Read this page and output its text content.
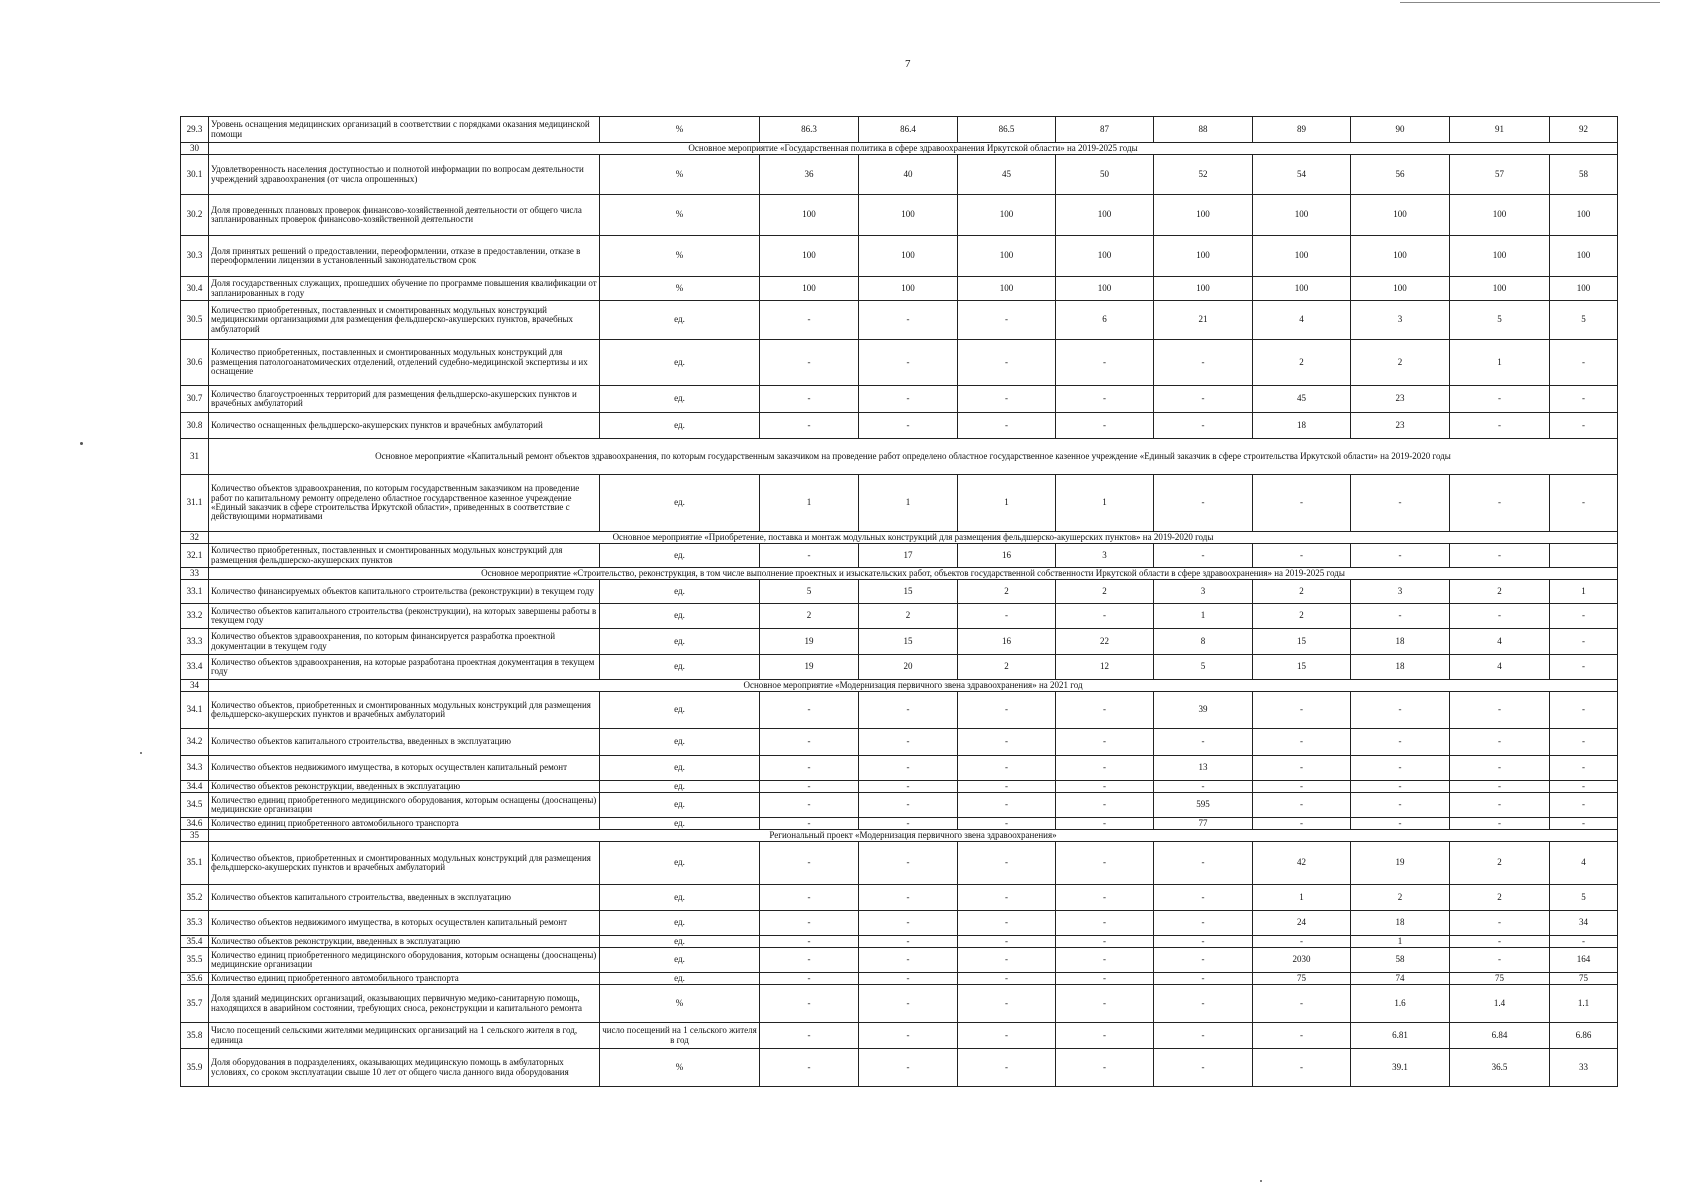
7
29.3	Уровень оснащения медицинских организаций в соответствии с порядками оказания медицинской помощи	%	86.3	86.4	86.5	87	88	89	90	91	92
30	Основное мероприятие «Государственная политика в сфере здравоохранения Иркутской области» на 2019-2025 годы										
30.1	Удовлетворенность населения доступностью и полнотой информации по вопросам деятельности учреждений здравоохранения (от числа опрошенных)	%	36	40	45	50	52	54	56	57	58
30.2	Доля проведенных плановых проверок финансово-хозяйственной деятельности от общего числа запланированных проверок финансово-хозяйственной деятельности	%	100	100	100	100	100	100	100	100	100
30.3	Доля принятых решений о предоставлении, переоформлении, отказе в предоставлении, отказе в переоформлении лицензии в установленный законодательством срок	%	100	100	100	100	100	100	100	100	100
30.4	Доля государственных служащих, прошедших обучение по программе повышения квалификации от запланированных в году	%	100	100	100	100	100	100	100	100	100
30.5	Количество приобретенных, поставленных и смонтированных модульных конструкций медицинскими организациями для размещения фельдшерско-акушерских пунктов, врачебных амбулаторий	ед.	-	-	-	6	21	4	3	5	5
30.6	Количество приобретенных, поставленных и смонтированных модульных конструкций для размещения патологоанатомических отделений, отделений судебно-медицинской экспертизы и их оснащение	ед.	-	-	-	-	-	2	2	1	-
30.7	Количество благоустроенных территорий для размещения фельдшерско-акушерских пунктов и врачебных амбулаторий	ед.	-	-	-	-	-	45	23	-	-
30.8	Количество оснащенных фельдшерско-акушерских пунктов и врачебных амбулаторий	ед.	-	-	-	-	-	18	23	-	-
31	Основное мероприятие «Капитальный ремонт объектов здравоохранения, по которым государственным заказчиком на проведение работ определено областное государственное казенное учреждение «Единый заказчик в сфере строительства Иркутской области» на 2019-2020 годы										
31.1	Количество объектов здравоохранения, по которым государственным заказчиком на проведение работ по капитальному ремонту определено областное государственное казенное учреждение «Единый заказчик в сфере строительства Иркутской области», приведенных в соответствие с действующими нормативами	ед.	1	1	1	1	-	-	-	-	-
32	Основное мероприятие «Приобретение, поставка и монтаж модульных конструкций для размещения фельдшерско-акушерских пунктов» на 2019-2020 годы										
32.1	Количество приобретенных, поставленных и смонтированных модульных конструкций для размещения фельдшерско-акушерских пунктов	ед.	-	17	16	3	-	-	-	-	
33	Основное мероприятие «Строительство, реконструкция, в том числе выполнение проектных и изыскательских работ, объектов государственной собственности Иркутской области в сфере здравоохранения» на 2019-2025 годы										
33.1	Количество финансируемых объектов капитального строительства (реконструкции) в текущем году	ед.	5	15	2	2	3	2	3	2	1
33.2	Количество объектов капитального строительства (реконструкции), на которых завершены работы в текущем году	ед.	2	2	-	-	1	2	-	-	-
33.3	Количество объектов здравоохранения, по которым финансируется разработка проектной документации в текущем году	ед.	19	15	16	22	8	15	18	4	-
33.4	Количество объектов здравоохранения, на которые разработана проектная документация в текущем году	ед.	19	20	2	12	5	15	18	4	-
34	Основное мероприятие «Модернизация первичного звена здравоохранения» на 2021 год										
34.1	Количество объектов, приобретенных и смонтированных модульных конструкций для размещения фельдшерско-акушерских пунктов и врачебных амбулаторий	ед.	-	-	-	-	39	-	-	-	-
34.2	Количество объектов капитального строительства, введенных в эксплуатацию	ед.	-	-	-	-	-	-	-	-	-
34.3	Количество объектов недвижимого имущества, в которых осуществлен капитальный ремонт	ед.	-	-	-	-	13	-	-	-	-
34.4	Количество объектов реконструкции, введенных в эксплуатацию	ед.	-	-	-	-	-	-	-	-	-
34.5	Количество единиц приобретенного медицинского оборудования, которым оснащены (дооснащены) медицинские организации	ед.	-	-	-	-	595	-	-	-	-
34.6	Количество единиц приобретенного автомобильного транспорта	ед.	-	-	-	-	77	-	-	-	-
35	Региональный проект «Модернизация первичного звена здравоохранения»										
35.1	Количество объектов, приобретенных и смонтированных модульных конструкций для размещения фельдшерско-акушерских пунктов и врачебных амбулаторий	ед.	-	-	-	-	-	42	19	2	4
35.2	Количество объектов капитального строительства, введенных в эксплуатацию	ед.	-	-	-	-	-	1	2	2	5
35.3	Количество объектов недвижимого имущества, в которых осуществлен капитальный ремонт	ед.	-	-	-	-	-	24	18	-	34
35.4	Количество объектов реконструкции, введенных в эксплуатацию	ед.	-	-	-	-	-	-	1	-	-
35.5	Количество единиц приобретенного медицинского оборудования, которым оснащены (дооснащены) медицинские организации	ед.	-	-	-	-	-	2030	58	-	164
35.6	Количество единиц приобретенного автомобильного транспорта	ед.	-	-	-	-	-	75	74	75	75
35.7	Доля зданий медицинских организаций, оказывающих первичную медико-санитарную помощь, находящихся в аварийном состоянии, требующих сноса, реконструкции и капитального ремонта	%	-	-	-	-	-	-	1.6	1.4	1.1
35.8	Число посещений сельскими жителями медицинских организаций на 1 сельского жителя в год, единица	число посещений на 1 сельского жителя в год	-	-	-	-	-	-	6.81	6.84	6.86
35.9	Доля оборудования в подразделениях, оказывающих медицинскую помощь в амбулаторных условиях, со сроком эксплуатации свыше 10 лет от общего числа данного вида оборудования	%	-	-	-	-	-	-	39.1	36.5	33
